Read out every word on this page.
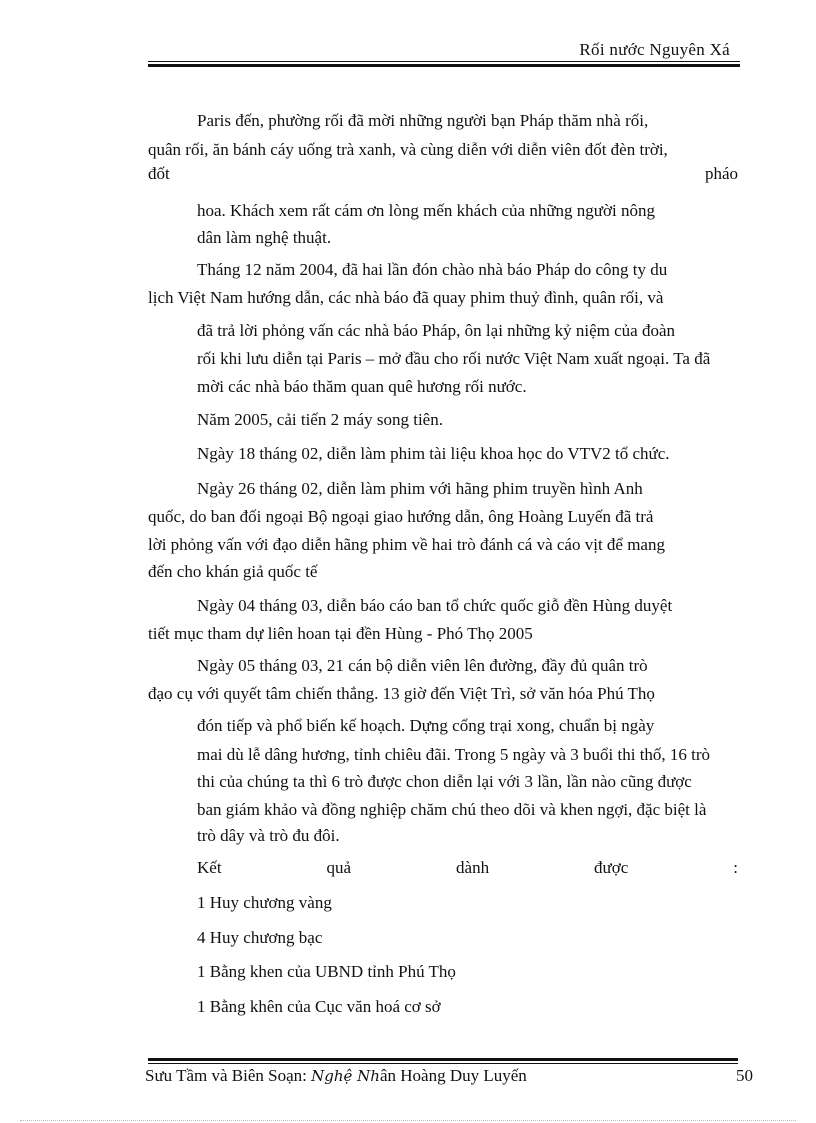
Rối nước Nguyên Xá

Paris đến, phường rối đã mời những người bạn Pháp thăm nhà rối,

quân rối, ăn bánh cáy uống trà xanh, và cùng diễn với diễn viên đốt đèn trời,

đốt	pháo

hoa. Khách xem rất cám ơn lòng mến khách của những người nông

dân làm nghệ thuật.

Tháng 12 năm 2004, đã hai lần đón chào nhà báo Pháp do công ty du

lịch Việt Nam hướng dẫn, các nhà báo đã quay phim thuỷ đình, quân rối, và

đã trả lời phỏng vấn các nhà báo Pháp, ôn lại những kỷ niệm của đoàn

rối khi lưu diễn tại Paris – mở đầu cho rối nước Việt Nam xuất ngoại. Ta đã

mời các nhà báo thăm quan quê hương rối nước.

Năm 2005, cải tiến 2 máy song tiên.

Ngày 18 tháng 02, diễn làm phim tài liệu khoa học do VTV2 tổ chức.

Ngày 26 tháng 02, diễn làm phim với hãng phim truyền hình Anh

quốc, do ban đối ngoại Bộ ngoại giao hướng dẫn, ông Hoàng Luyến đã trả

lời phỏng vấn với đạo diễn hãng phim về hai trò đánh cá và cáo vịt để mang

đến cho khán giả quốc tế

Ngày 04 tháng 03, diễn báo cáo ban tổ chức quốc giỗ đền Hùng duyệt

tiết mục tham dự liên hoan tại đền Hùng - Phó Thọ 2005

Ngày 05 tháng 03, 21 cán bộ diễn viên lên đường, đầy đủ quân trò

đạo cụ với quyết tâm chiến thắng. 13 giờ đến Việt Trì, sở văn hóa Phú Thọ

đón tiếp và phổ biến kế hoạch. Dựng cổng trại xong, chuẩn bị ngày

mai dù lễ dâng hương, tỉnh chiêu đãi. Trong 5 ngày và 3 buổi thi thố, 16 trò

thi của chúng ta thì 6 trò được chon diễn lại với 3 lần, lần nào cũng được

ban giám khảo và đồng nghiệp chăm chú theo dõi và khen ngợi, đặc biệt là

trò dây và trò đu đôi.

Kết	quả	dành	được	:

1 Huy chương vàng

4 Huy chương bạc

1 Bằng khen của UBND tỉnh Phú Thọ

1 Bằng khên của Cục văn hoá cơ sở

Sưu Tầm và Biên Soạn: Nghệ Nhân Hoàng Duy Luyến	50
